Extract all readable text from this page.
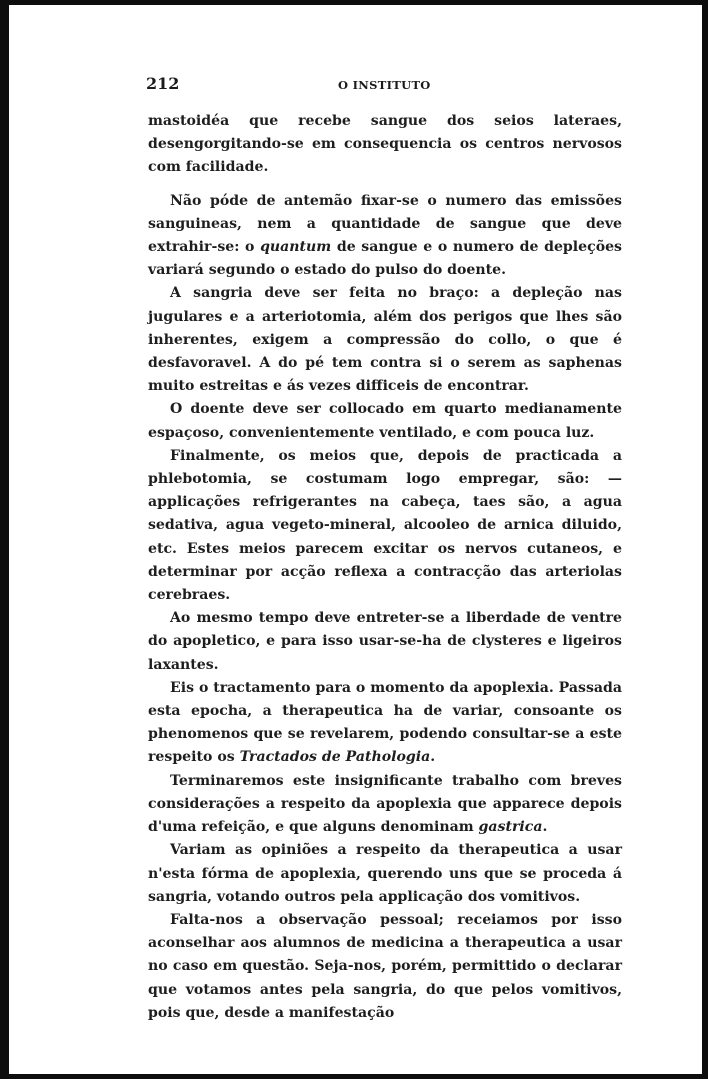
212	O INSTITUTO

mastoidéa que recebe sangue dos seios lateraes, desengorgitando-se em consequencia os centros nervosos com facilidade.

Não póde de antemão fixar-se o numero das emissões sanguineas, nem a quantidade de sangue que deve extrahir-se: o quantum de sangue e o numero de depleções variará segundo o estado do pulso do doente.

A sangria deve ser feita no braço: a depleção nas jugulares e a arteriotomia, além dos perigos que lhes são inherentes, exigem a compressão do collo, o que é desfavoravel. A do pé tem contra si o serem as saphenas muito estreitas e ás vezes difficeis de encontrar.

O doente deve ser collocado em quarto medianamente espaçoso, convenientemente ventilado, e com pouca luz.

Finalmente, os meios que, depois de practicada a phlebotomia, se costumam logo empregar, são: —applicações refrigerantes na cabeça, taes são, a agua sedativa, agua vegeto-mineral, alcooleo de arnica diluido, etc. Estes meios parecem excitar os nervos cutaneos, e determinar por acção reflexa a contracção das arteriolas cerebraes.

Ao mesmo tempo deve entreter-se a liberdade de ventre do apopletico, e para isso usar-se-ha de clysteres e ligeiros laxantes.

Eis o tractamento para o momento da apoplexia. Passada esta epocha, a therapeutica ha de variar, consoante os phenomenos que se revelarem, podendo consultar-se a este respeito os Tractados de Pathologia.

Terminaremos este insignificante trabalho com breves considerações a respeito da apoplexia que apparece depois d'uma refeição, e que alguns denominam gastrica.

Variam as opiniões a respeito da therapeutica a usar n'esta fórma de apoplexia, querendo uns que se proceda á sangria, votando outros pela applicação dos vomitivos.

Falta-nos a observação pessoal; receiamos por isso aconselhar aos alumnos de medicina a therapeutica a usar no caso em questão. Seja-nos, porém, permittido o declarar que votamos antes pela sangria, do que pelos vomitivos, pois que, desde a manifestação
